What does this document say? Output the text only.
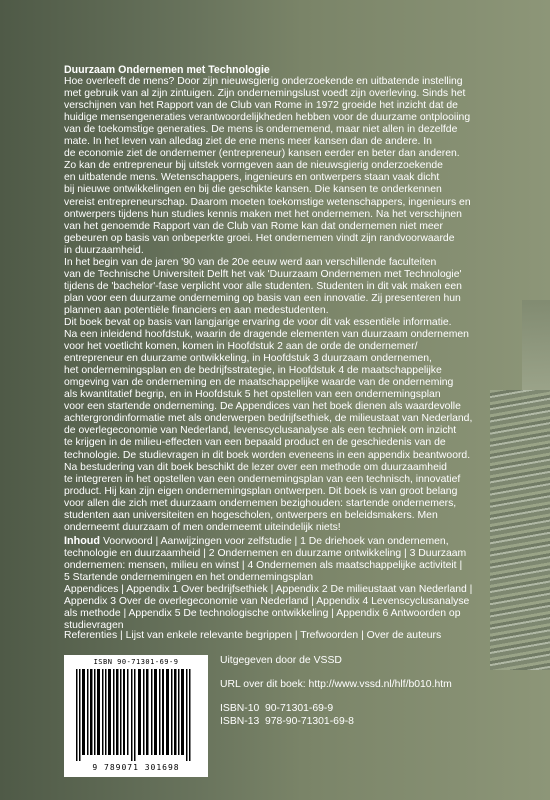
Duurzaam Ondernemen met Technologie

Hoe overleeft de mens? Door zijn nieuwsgierig onderzoekende en uitbatende instelling
met gebruik van al zijn zintuigen. Zijn ondernemingslust voedt zijn overleving. Sinds het
verschijnen van het Rapport van de Club van Rome in 1972 groeide het inzicht dat de
huidige mensengeneraties verantwoordelijkheden hebben voor de duurzame ontplooiing
van de toekomstige generaties. De mens is ondernemend, maar niet allen in dezelfde
mate. In het leven van alledag ziet de ene mens meer kansen dan de andere. In
de economie ziet de ondernemer (entrepreneur) kansen eerder en beter dan anderen.
Zo kan de entrepreneur bij uitstek vormgeven aan de nieuwsgierig onderzoekende
en uitbatende mens. Wetenschappers, ingenieurs en ontwerpers staan vaak dicht
bij nieuwe ontwikkelingen en bij die geschikte kansen. Die kansen te onderkennen
vereist entrepreneurschap. Daarom moeten toekomstige wetenschappers, ingenieurs en
ontwerpers tijdens hun studies kennis maken met het ondernemen. Na het verschijnen
van het genoemde Rapport van de Club van Rome kan dat ondernemen niet meer
gebeuren op basis van onbeperkte groei. Het ondernemen vindt zijn randvoorwaarde
in duurzaamheid.

In het begin van de jaren '90 van de 20e eeuw werd aan verschillende faculteiten
van de Technische Universiteit Delft het vak 'Duurzaam Ondernemen met Technologie'
tijdens de 'bachelor'-fase verplicht voor alle studenten. Studenten in dit vak maken een
plan voor een duurzame onderneming op basis van een innovatie. Zij presenteren hun
plannen aan potentiële financiers en aan medestudenten.

Dit boek bevat op basis van langjarige ervaring de voor dit vak essentiële informatie.
Na een inleidend hoofdstuk, waarin de dragende elementen van duurzaam ondernemen
voor het voetlicht komen, komen in Hoofdstuk 2 aan de orde de ondernemer/
entrepreneur en duurzame ontwikkeling, in Hoofdstuk 3 duurzaam ondernemen,
het ondernemingsplan en de bedrijfsstrategie, in Hoofdstuk 4 de maatschappelijke
omgeving van de onderneming en de maatschappelijke waarde van de onderneming
als kwantitatief begrip, en in Hoofdstuk 5 het opstellen van een ondernemingsplan
voor een startende onderneming. De Appendices van het boek dienen als waardevolle
achtergrondinformatie met als onderwerpen bedrijfsethiek, de milieustaat van Nederland,
de overlegeconomie van Nederland, levenscyclusanalyse als een techniek om inzicht
te krijgen in de milieu-effecten van een bepaald product en de geschiedenis van de
technologie. De studievragen in dit boek worden eveneens in een appendix beantwoord.

Na bestudering van dit boek beschikt de lezer over een methode om duurzaamheid
te integreren in het opstellen van een ondernemingsplan van een technisch, innovatief
product. Hij kan zijn eigen ondernemingsplan ontwerpen. Dit boek is van groot belang
voor allen die zich met duurzaam ondernemen bezighouden: startende ondernemers,
studenten aan universiteiten en hogescholen, ontwerpers en beleidsmakers. Men
onderneemt duurzaam of men onderneemt uiteindelijk niets!

Inhoud Voorwoord | Aanwijzingen voor zelfstudie | 1 De driehoek van ondernemen,
technologie en duurzaamheid | 2 Ondernemen en duurzame ontwikkeling | 3 Duurzaam
ondernemen: mensen, milieu en winst | 4 Ondernemen als maatschappelijke activiteit |
5 Startende ondernemingen en het ondernemingsplan
Appendices | Appendix 1 Over bedrijfsethiek | Appendix 2 De milieustaat van Nederland |
Appendix 3 Over de overlegeconomie van Nederland | Appendix 4 Levenscyclusanalyse
als methode | Appendix 5 De technologische ontwikkeling | Appendix 6 Antwoorden op
studievragen
Referenties | Lijst van enkele relevante begrippen | Trefwoorden | Over de auteurs
ISBN 90-71301-69-9
9 789071 301698

Uitgegeven door de VSSD

URL over dit boek: http://www.vssd.nl/hlf/b010.htm

ISBN-10 90-71301-69-9
ISBN-13 978-90-71301-69-8
